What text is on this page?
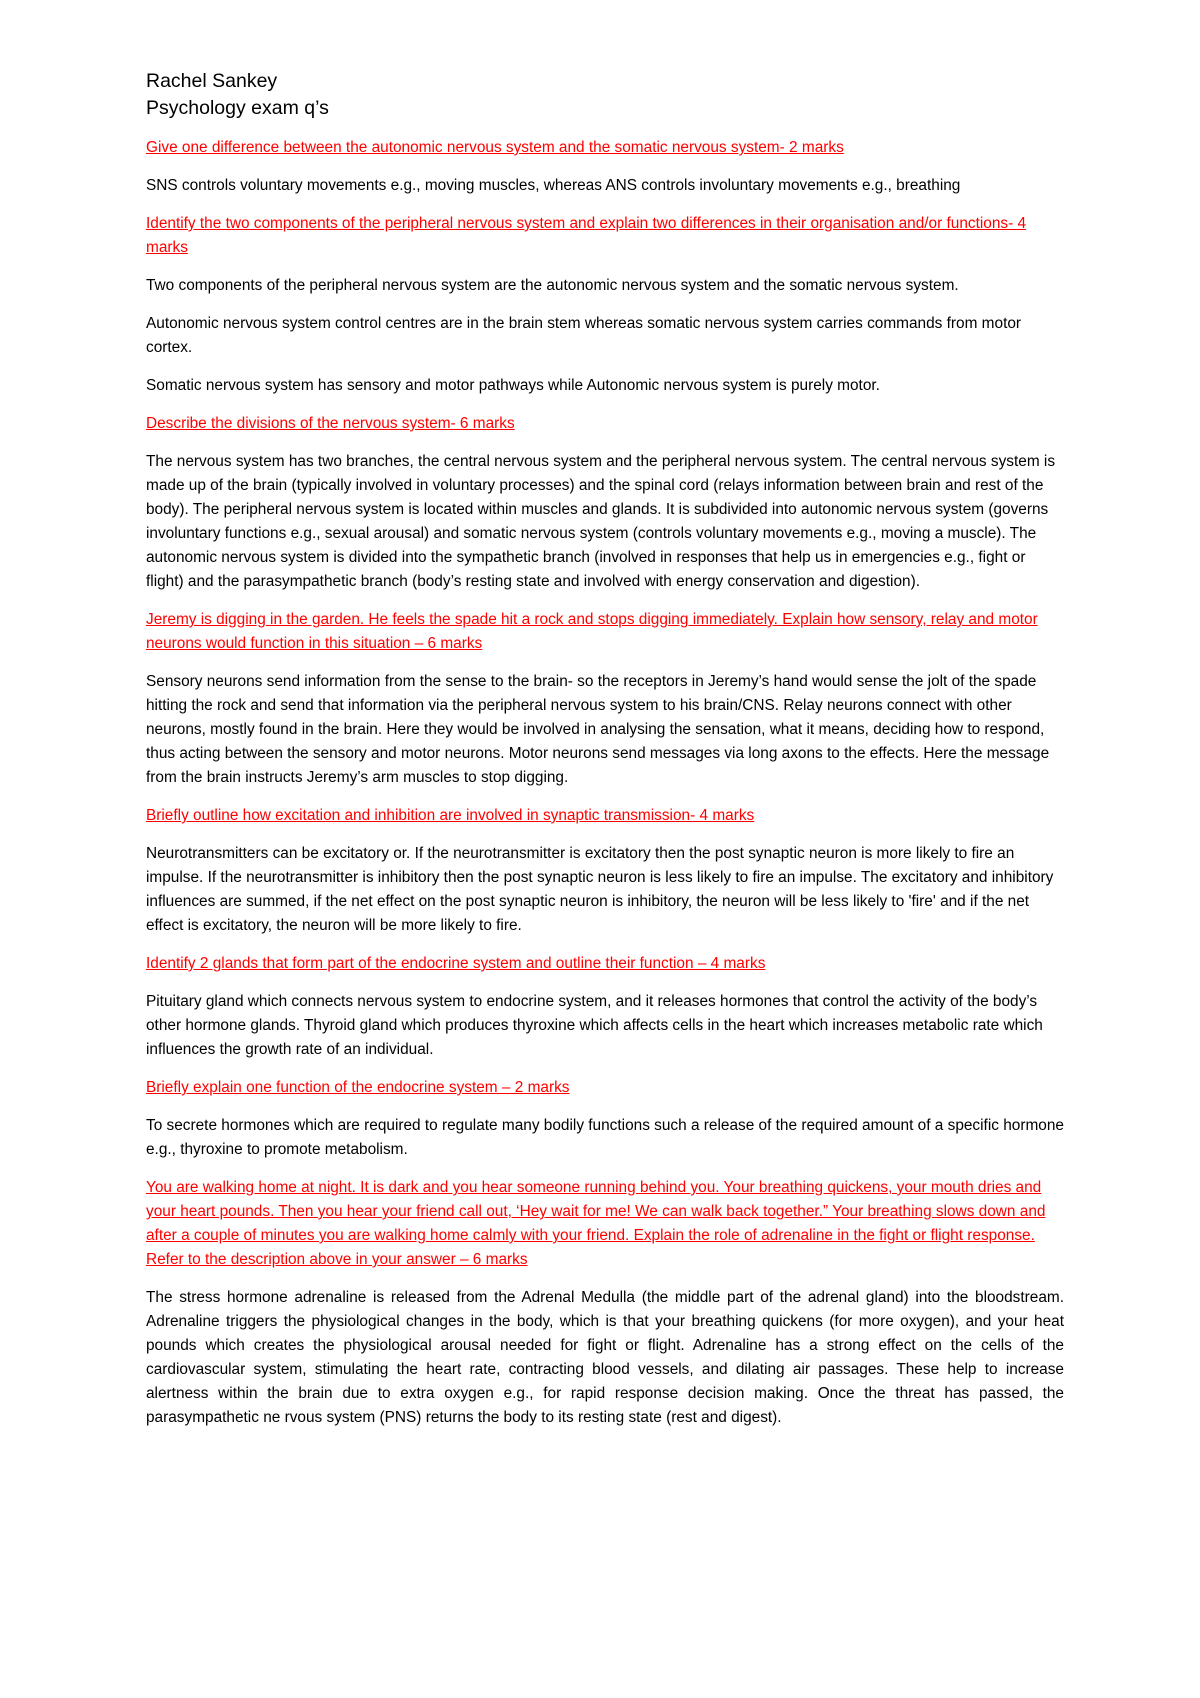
Rachel Sankey

Psychology exam q’s

Give one difference between the autonomic nervous system and the somatic nervous system- 2 marks

SNS controls voluntary movements e.g., moving muscles, whereas ANS controls involuntary movements e.g., breathing

Identify the two components of the peripheral nervous system and explain two differences in their organisation and/or functions- 4 marks

Two components of the peripheral nervous system are the autonomic nervous system and the somatic nervous system.

Autonomic nervous system control centres are in the brain stem whereas somatic nervous system carries commands from motor cortex.

Somatic nervous system has sensory and motor pathways while Autonomic nervous system is purely motor.

Describe the divisions of the nervous system- 6 marks

The nervous system has two branches, the central nervous system and the peripheral nervous system. The central nervous system is made up of the brain (typically involved in voluntary processes) and the spinal cord (relays information between brain and rest of the body). The peripheral nervous system is located within muscles and glands. It is subdivided into autonomic nervous system (governs involuntary functions e.g., sexual arousal) and somatic nervous system (controls voluntary movements e.g., moving a muscle). The autonomic nervous system is divided into the sympathetic branch (involved in responses that help us in emergencies e.g., fight or flight) and the parasympathetic branch (body’s resting state and involved with energy conservation and digestion).

Jeremy is digging in the garden. He feels the spade hit a rock and stops digging immediately. Explain how sensory, relay and motor neurons would function in this situation – 6 marks

Sensory neurons send information from the sense to the brain- so the receptors in Jeremy’s hand would sense the jolt of the spade hitting the rock and send that information via the peripheral nervous system to his brain/CNS. Relay neurons connect with other neurons, mostly found in the brain. Here they would be involved in analysing the sensation, what it means, deciding how to respond, thus acting between the sensory and motor neurons. Motor neurons send messages via long axons to the effects. Here the message from the brain instructs Jeremy’s arm muscles to stop digging.

Briefly outline how excitation and inhibition are involved in synaptic transmission- 4 marks

Neurotransmitters can be excitatory or. If the neurotransmitter is excitatory then the post synaptic neuron is more likely to fire an impulse. If the neurotransmitter is inhibitory then the post synaptic neuron is less likely to fire an impulse. The excitatory and inhibitory influences are summed, if the net effect on the post synaptic neuron is inhibitory, the neuron will be less likely to 'fire' and if the net effect is excitatory, the neuron will be more likely to fire.

Identify 2 glands that form part of the endocrine system and outline their function – 4 marks

Pituitary gland which connects nervous system to endocrine system, and it releases hormones that control the activity of the body’s other hormone glands. Thyroid gland which produces thyroxine which affects cells in the heart which increases metabolic rate which influences the growth rate of an individual.

Briefly explain one function of the endocrine system – 2 marks

To secrete hormones which are required to regulate many bodily functions such a release of the required amount of a specific hormone e.g., thyroxine to promote metabolism.

You are walking home at night. It is dark and you hear someone running behind you. Your breathing quickens, your mouth dries and your heart pounds. Then you hear your friend call out, ‘Hey wait for me! We can walk back together.” Your breathing slows down and after a couple of minutes you are walking home calmly with your friend. Explain the role of adrenaline in the fight or flight response. Refer to the description above in your answer – 6 marks

The stress hormone adrenaline is released from the Adrenal Medulla (the middle part of the adrenal gland) into the bloodstream. Adrenaline triggers the physiological changes in the body, which is that your breathing quickens (for more oxygen), and your heat pounds which creates the physiological arousal needed for fight or flight. Adrenaline has a strong effect on the cells of the cardiovascular system, stimulating the heart rate, contracting blood vessels, and dilating air passages. These help to increase alertness within the brain due to extra oxygen e.g., for rapid response decision making. Once the threat has passed, the parasympathetic ne rvous system (PNS) returns the body to its resting state (rest and digest).
